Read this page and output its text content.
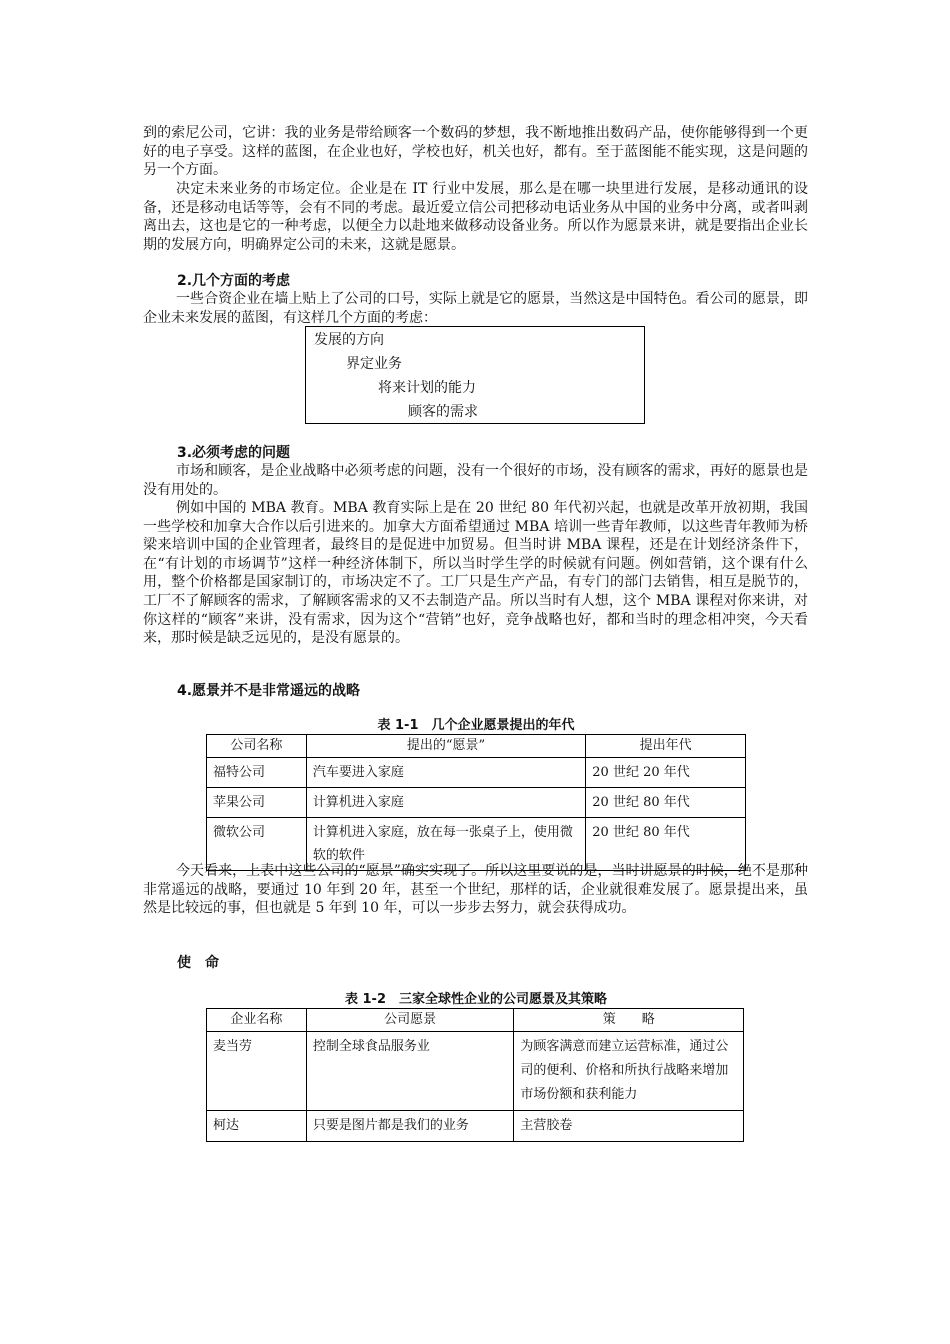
到的索尼公司，它讲：我的业务是带给顾客一个数码的梦想，我不断地推出数码产品，使你能够得到一个更好的电子享受。这样的蓝图，在企业也好，学校也好，机关也好，都有。至于蓝图能不能实现，这是问题的另一个方面。

决定未来业务的市场定位。企业是在 IT 行业中发展，那么是在哪一块里进行发展，是移动通讯的设备，还是移动电话等等，会有不同的考虑。最近爱立信公司把移动电话业务从中国的业务中分离，或者叫剥离出去，这也是它的一种考虑，以便全力以赴地来做移动设备业务。所以作为愿景来讲，就是要指出企业长期的发展方向，明确界定公司的未来，这就是愿景。

2.几个方面的考虑

一些合资企业在墙上贴上了公司的口号，实际上就是它的愿景，当然这是中国特色。看公司的愿景，即企业未来发展的蓝图，有这样几个方面的考虑：

发展的方向
界定业务
将来计划的能力
顾客的需求

3.必须考虑的问题

市场和顾客，是企业战略中必须考虑的问题，没有一个很好的市场，没有顾客的需求，再好的愿景也是没有用处的。

例如中国的 MBA 教育。MBA 教育实际上是在 20 世纪 80 年代初兴起，也就是改革开放初期，我国一些学校和加拿大合作以后引进来的。加拿大方面希望通过 MBA 培训一些青年教师，以这些青年教师为桥梁来培训中国的企业管理者，最终目的是促进中加贸易。但当时讲 MBA 课程，还是在计划经济条件下，在“有计划的市场调节”这样一种经济体制下，所以当时学生学的时候就有问题。例如营销，这个课有什么用，整个价格都是国家制订的，市场决定不了。工厂只是生产产品，有专门的部门去销售，相互是脱节的，工厂不了解顾客的需求，了解顾客需求的又不去制造产品。所以当时有人想，这个 MBA 课程对你来讲，对你这样的“顾客”来讲，没有需求，因为这个“营销”也好，竞争战略也好，都和当时的理念相冲突，今天看来，那时候是缺乏远见的，是没有愿景的。

4.愿景并不是非常遥远的战略

表 1-1　几个企业愿景提出的年代

公司名称	提出的“愿景”	提出年代
福特公司	汽车要进入家庭	20 世纪 20 年代
苹果公司	计算机进入家庭	20 世纪 80 年代
微软公司	计算机进入家庭，放在每一张桌子上，使用微软的软件	20 世纪 80 年代

今天看来，上表中这些公司的“愿景”确实实现了。所以这里要说的是，当时讲愿景的时候，绝不是那种非常遥远的战略，要通过 10 年到 20 年，甚至一个世纪，那样的话，企业就很难发展了。愿景提出来，虽然是比较远的事，但也就是 5 年到 10 年，可以一步步去努力，就会获得成功。

使　命

表 1-2　三家全球性企业的公司愿景及其策略

企业名称	公司愿景	策　　略
麦当劳	控制全球食品服务业	为顾客满意而建立运营标准，通过公司的便利、价格和所执行战略来增加市场份额和获利能力
柯达	只要是图片都是我们的业务	主营胶卷
